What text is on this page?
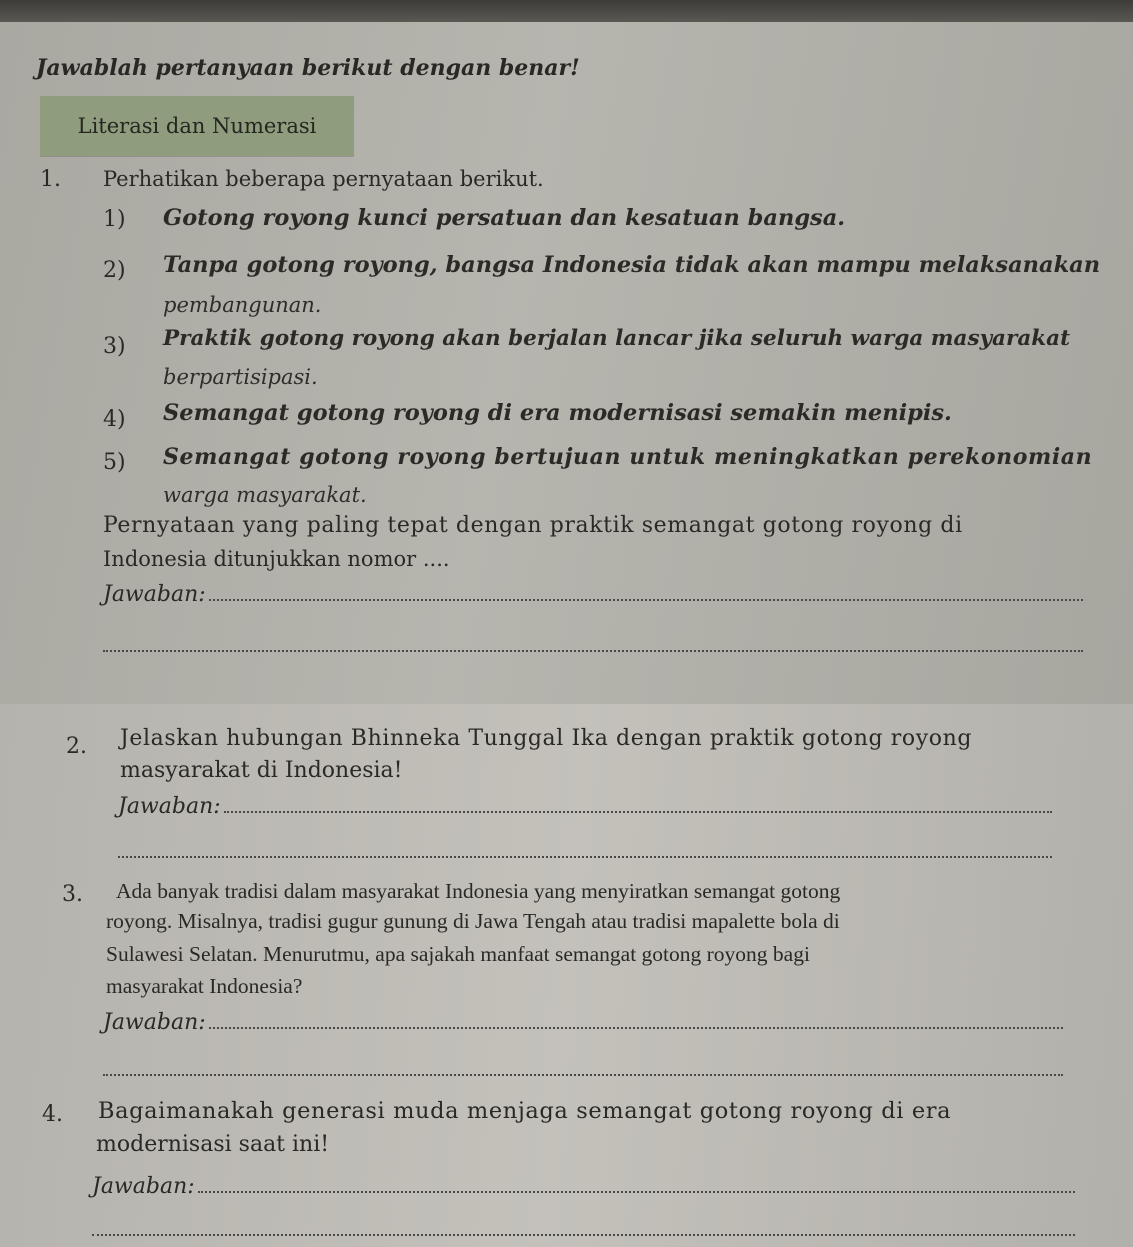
Jawablah pertanyaan berikut dengan benar!
Literasi dan Numerasi
1. Perhatikan beberapa pernyataan berikut.
1) Gotong royong kunci persatuan dan kesatuan bangsa.
2) Tanpa gotong royong, bangsa Indonesia tidak akan mampu melaksanakan
pembangunan.
3) Praktik gotong royong akan berjalan lancar jika seluruh warga masyarakat
berpartisipasi.
4) Semangat gotong royong di era modernisasi semakin menipis.
5) Semangat gotong royong bertujuan untuk meningkatkan perekonomian
warga masyarakat.
Pernyataan yang paling tepat dengan praktik semangat gotong royong di
Indonesia ditunjukkan nomor ....
Jawaban:
2. Jelaskan hubungan Bhinneka Tunggal Ika dengan praktik gotong royong
masyarakat di Indonesia!
Jawaban:
3. Ada banyak tradisi dalam masyarakat Indonesia yang menyiratkan semangat gotong
royong. Misalnya, tradisi gugur gunung di Jawa Tengah atau tradisi mapalette bola di
Sulawesi Selatan. Menurutmu, apa sajakah manfaat semangat gotong royong bagi
masyarakat Indonesia?
Jawaban:
4. Bagaimanakah generasi muda menjaga semangat gotong royong di era
modernisasi saat ini!
Jawaban:
